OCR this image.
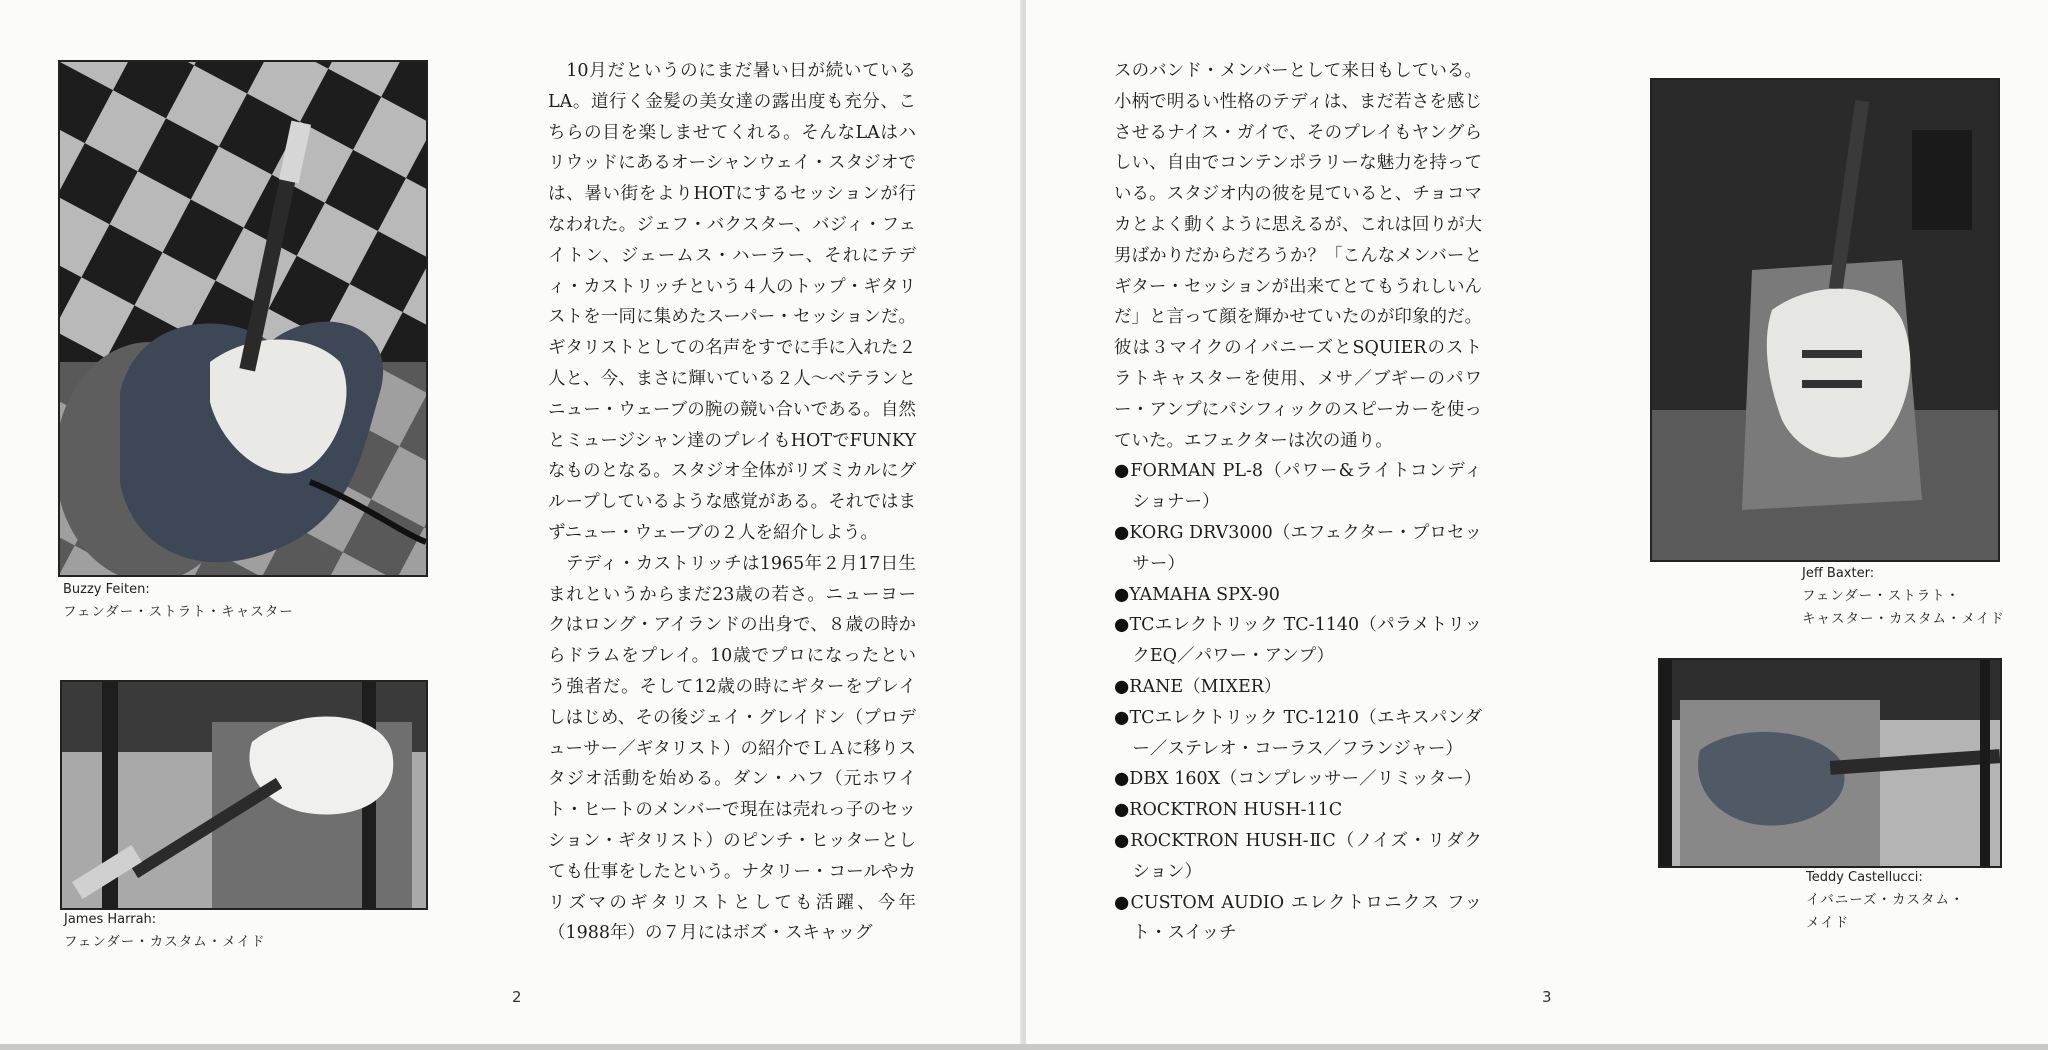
Buzzy Feiten:
フェンダー・ストラト・キャスター
James Harrah:
フェンダー・カスタム・メイド

　10月だというのにまだ暑い日が続いているLA。道行く金髪の美女達の露出度も充分、こちらの目を楽しませてくれる。そんなLAはハリウッドにあるオーシャンウェイ・スタジオでは、暑い街をよりHOTにするセッションが行なわれた。ジェフ・バクスター、バジィ・フェイトン、ジェームス・ハーラー、それにテディ・カストリッチという４人のトップ・ギタリストを一同に集めたスーパー・セッションだ。ギタリストとしての名声をすでに手に入れた２人と、今、まさに輝いている２人〜ベテランとニュー・ウェーブの腕の競い合いである。自然とミュージシャン達のプレイもHOTでFUNKYなものとなる。スタジオ全体がリズミカルにグループしているような感覚がある。それではまずニュー・ウェーブの２人を紹介しよう。

　テディ・カストリッチは1965年２月17日生まれというからまだ23歳の若さ。ニューヨークはロング・アイランドの出身で、８歳の時からドラムをプレイ。10歳でプロになったという強者だ。そして12歳の時にギターをプレイしはじめ、その後ジェイ・グレイドン（プロデューサー／ギタリスト）の紹介でＬＡに移りスタジオ活動を始める。ダン・ハフ（元ホワイト・ヒートのメンバーで現在は売れっ子のセッション・ギタリスト）のピンチ・ヒッターとしても仕事をしたという。ナタリー・コールやカリズマのギタリストとしても活躍、今年（1988年）の７月にはボズ・スキャッグ

2

スのバンド・メンバーとして来日もしている。小柄で明るい性格のテディは、まだ若さを感じさせるナイス・ガイで、そのプレイもヤングらしい、自由でコンテンポラリーな魅力を持っている。スタジオ内の彼を見ていると、チョコマカとよく動くように思えるが、これは回りが大男ばかりだからだろうか？「こんなメンバーとギター・セッションが出来てとてもうれしいんだ」と言って顔を輝かせていたのが印象的だ。彼は３マイクのイバニーズとSQUIERのストラトキャスターを使用、メサ／ブギーのパワー・アンプにパシフィックのスピーカーを使っていた。エフェクターは次の通り。

●FORMAN PL-8（パワー&ライトコンディショナー）
●KORG DRV3000（エフェクター・プロセッサー）
●YAMAHA SPX-90
●TCエレクトリック TC-1140（パラメトリックEQ／パワー・アンプ）
●RANE（MIXER）
●TCエレクトリック TC-1210（エキスパンダー／ステレオ・コーラス／フランジャー）
●DBX 160X（コンプレッサー／リミッター）
●ROCKTRON HUSH-11C
●ROCKTRON HUSH-ⅡC（ノイズ・リダクション）
●CUSTOM AUDIO エレクトロニクス フット・スイッチ
Jeff Baxter:
フェンダー・ストラト・
キャスター・カスタム・メイド
Teddy Castellucci:
イバニーズ・カスタム・
メイド
3
